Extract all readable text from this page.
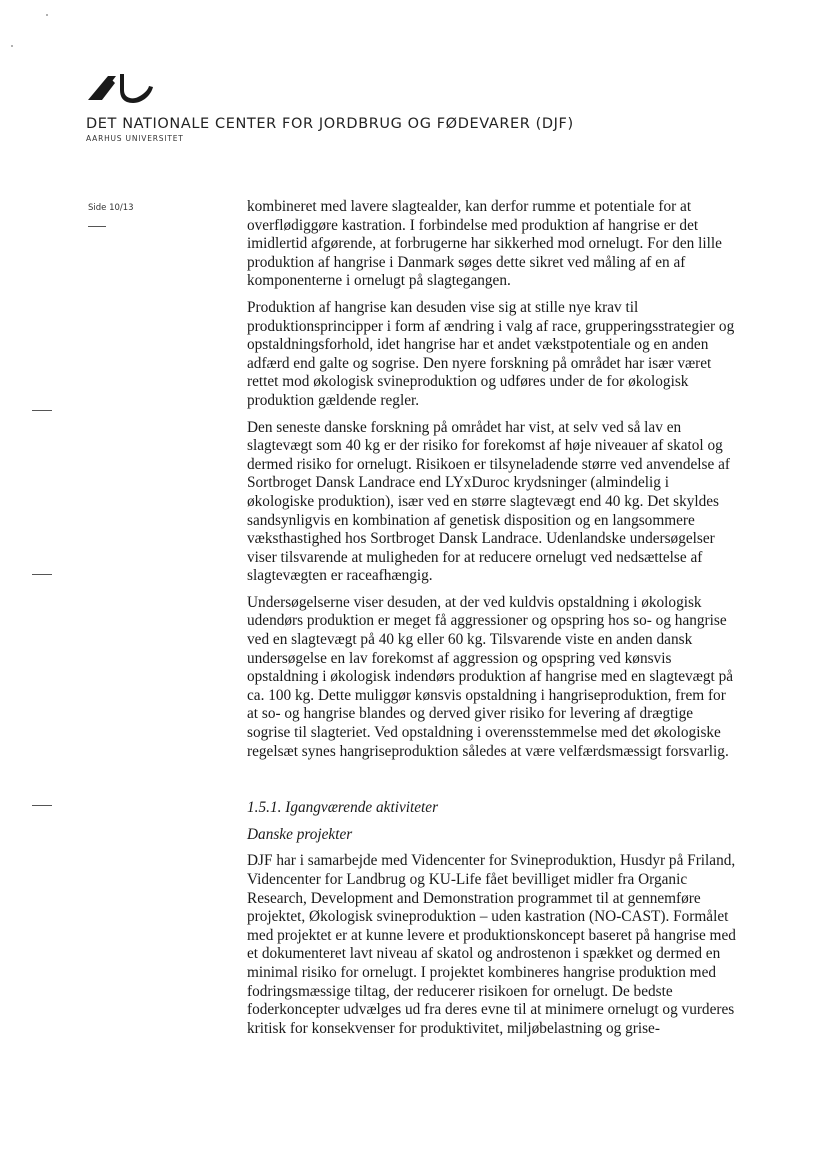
DET NATIONALE CENTER FOR JORDBRUG OG FØDEVARER (DJF)
AARHUS UNIVERSITET
Side 10/13	kombineret med lavere slagtealder, kan derfor rumme et potentiale for at overflødiggøre kastration. I forbindelse med produktion af hangrise er det imidlertid afgørende, at forbrugerne har sikkerhed mod ornelugt. For den lille produktion af hangrise i Danmark søges dette sikret ved måling af en af komponenterne i ornelugt på slagtegangen.

Produktion af hangrise kan desuden vise sig at stille nye krav til produktionsprincipper i form af ændring i valg af race, grupperingsstrategier og opstaldningsforhold, idet hangrise har et andet vækstpotentiale og en anden adfærd end galte og sogrise. Den nyere forskning på området har især været rettet mod økologisk svineproduktion og udføres under de for økologisk produktion gældende regler.

Den seneste danske forskning på området har vist, at selv ved så lav en slagtevægt som 40 kg er der risiko for forekomst af høje niveauer af skatol og dermed risiko for ornelugt. Risikoen er tilsyneladende større ved anvendelse af Sortbroget Dansk Landrace end LYxDuroc krydsninger (almindelig i økologiske produktion), især ved en større slagtevægt end 40 kg. Det skyldes sandsynligvis en kombination af genetisk disposition og en langsommere væksthastighed hos Sortbroget Dansk Landrace. Udenlandske undersøgelser viser tilsvarende at muligheden for at reducere ornelugt ved nedsættelse af slagtevægten er raceafhængig.

Undersøgelserne viser desuden, at der ved kuldvis opstaldning i økologisk udendørs produktion er meget få aggressioner og opspring hos so- og hangrise ved en slagtevægt på 40 kg eller 60 kg. Tilsvarende viste en anden dansk undersøgelse en lav forekomst af aggression og opspring ved kønsvis opstaldning i økologisk indendørs produktion af hangrise med en slagtevægt på ca. 100 kg. Dette muliggør kønsvis opstaldning i hangriseproduktion, frem for at so- og hangrise blandes og derved giver risiko for levering af drægtige sogrise til slagteriet. Ved opstaldning i overensstemmelse med det økologiske regelsæt synes hangriseproduktion således at være velfærdsmæssigt forsvarlig.

1.5.1. Igangværende aktiviteter
Danske projekter

DJF har i samarbejde med Videncenter for Svineproduktion, Husdyr på Friland, Videncenter for Landbrug og KU-Life fået bevilliget midler fra Organic Research, Development and Demonstration programmet til at gennemføre projektet, Økologisk svineproduktion – uden kastration (NO-CAST). Formålet med projektet er at kunne levere et produktionskoncept baseret på hangrise med et dokumenteret lavt niveau af skatol og androstenon i spækket og dermed en minimal risiko for ornelugt. I projektet kombineres hangrise produktion med fodringsmæssige tiltag, der reducerer risikoen for ornelugt. De bedste foderkoncepter udvælges ud fra deres evne til at minimere ornelugt og vurderes kritisk for konsekvenser for produktivitet, miljøbelastning og grise-
